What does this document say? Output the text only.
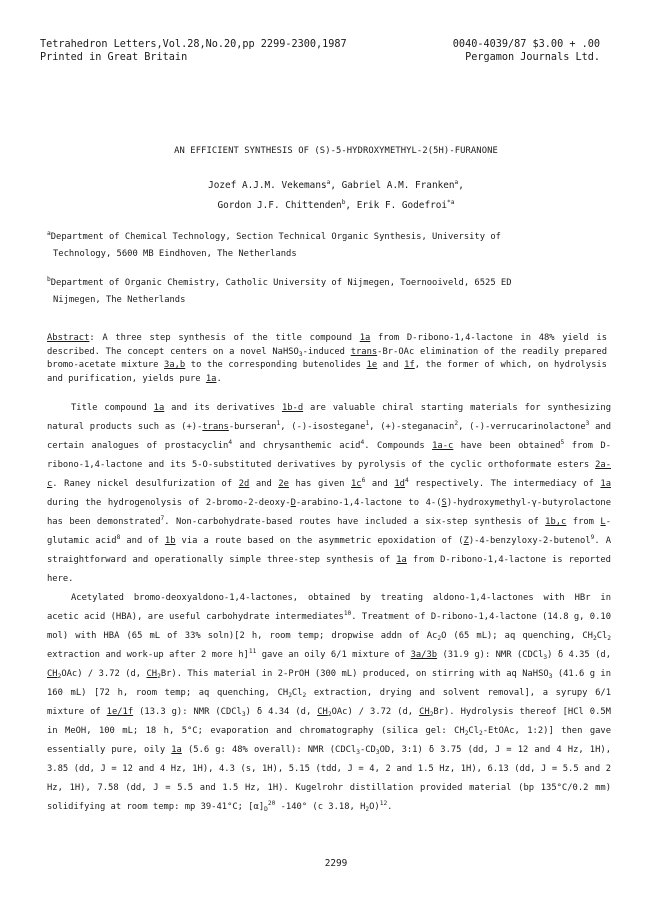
Tetrahedron Letters,Vol.28,No.20,pp 2299-2300,1987	0040-4039/87 $3.00 + .00
Printed in Great Britain	Pergamon Journals Ltd.
AN EFFICIENT SYNTHESIS OF (S)-5-HYDROXYMETHYL-2(5H)-FURANONE
Jozef A.J.M. Vekemans$^a$, Gabriel A.M. Franken$^a$,
Gordon J.F. Chittenden$^b$, Erik F. Godefroi$^{*a}$
$^a$Department of Chemical Technology, Section Technical Organic Synthesis, University of
Technology, 5600 MB Eindhoven, The Netherlands
$^b$Department of Organic Chemistry, Catholic University of Nijmegen, Toernooiveld, 6525 ED
Nijmegen, The Netherlands
Abstract: A three step synthesis of the title compound 1a from D-ribono-1,4-lactone in 48% yield is described. The concept centers on a novel NaHSO$_3$-induced trans-Br-OAc elimination of the readily prepared bromo-acetate mixture 3a,b to the corresponding butenolides 1e and 1f, the former of which, on hydrolysis and purification, yields pure 1a.

Title compound 1a and its derivatives 1b-d are valuable chiral starting materials for synthesizing natural products such as (+)-trans-burseran$^1$, (-)-isostegane$^1$, (+)-steganacin$^2$, (-)-verrucarinolactone$^3$ and certain analogues of prostacyclin$^4$ and chrysanthemic acid$^4$. Compounds 1a-c have been obtained$^5$ from D-ribono-1,4-lactone and its 5-O-substituted derivatives by pyrolysis of the cyclic orthoformate esters 2a-c. Raney nickel desulfurization of 2d and 2e has given $1c^6$ and $1d^4$ respectively. The intermediacy of 1a during the hydrogenolysis of 2-bromo-2-deoxy-D-arabino-1,4-lactone to 4-(S)-hydroxymethyl-γ-butyrolactone has been demonstrated$^7$. Non-carbohydrate-based routes have included a six-step synthesis of 1b,c from L-glutamic acid$^8$ and of 1b via a route based on the asymmetric epoxidation of (Z)-4-benzyloxy-2-butenol$^9$. A straightforward and operationally simple three-step synthesis of 1a from D-ribono-1,4-lactone is reported here.

Acetylated bromo-deoxyaldono-1,4-lactones, obtained by treating aldono-1,4-lactones with HBr in acetic acid (HBA), are useful carbohydrate intermediates$^{10}$. Treatment of D-ribono-1,4-lactone (14.8 g, 0.10 mol) with HBA (65 mL of 33% soln)[2 h, room temp; dropwise addn of $Ac_2O$ (65 mL); aq quenching, $CH_2Cl_2$ extraction and work-up after 2 more h]$^{11}$ gave an oily 6/1 mixture of 3a/3b (31.9 g): NMR (CDCl$_3$) δ 4.35 (d, $CH_2OAc) / 3.72$ (d, $CH_2Br$). This material in 2-PrOH (300 mL) produced, on stirring with aq NaHSO$_3$ (41.6 g in 160 mL) [72 h, room temp; aq quenching, $CH_2Cl_2$ extraction, drying and solvent removal], a syrupy 6/1 mixture of 1e/1f (13.3 g): NMR (CDCl$_3$) δ 4.34 (d, $CH_2OAc) / 3.72$ (d, $CH_2Br$). Hydrolysis thereof [HCl 0.5M in MeOH, 100 mL; 18 h, 5°C; evaporation and chromatography (silica gel: $CH_2Cl_2$-EtOAc, 1:2)] then gave essentially pure, oily 1a (5.6 g: 48% overall): NMR ($CDCl_3-CD_3OD$, 3:1) δ 3.75 (dd, J = 12 and 4 Hz, 1H), 3.85 (dd, J = 12 and 4 Hz, 1H), 4.3 (s, 1H), 5.15 (tdd, J = 4, 2 and 1.5 Hz, 1H), 6.13 (dd, J = 5.5 and 2 Hz, 1H), 7.58 (dd, J = 5.5 and 1.5 Hz, 1H). Kugelrohr distillation provided material (bp 135°C/0.2 mm) solidifying at room temp: mp 39-41°C; $[\alpha]_D^{20}$ -140° (c 3.18, $H_2O)^{12}$.

2299
